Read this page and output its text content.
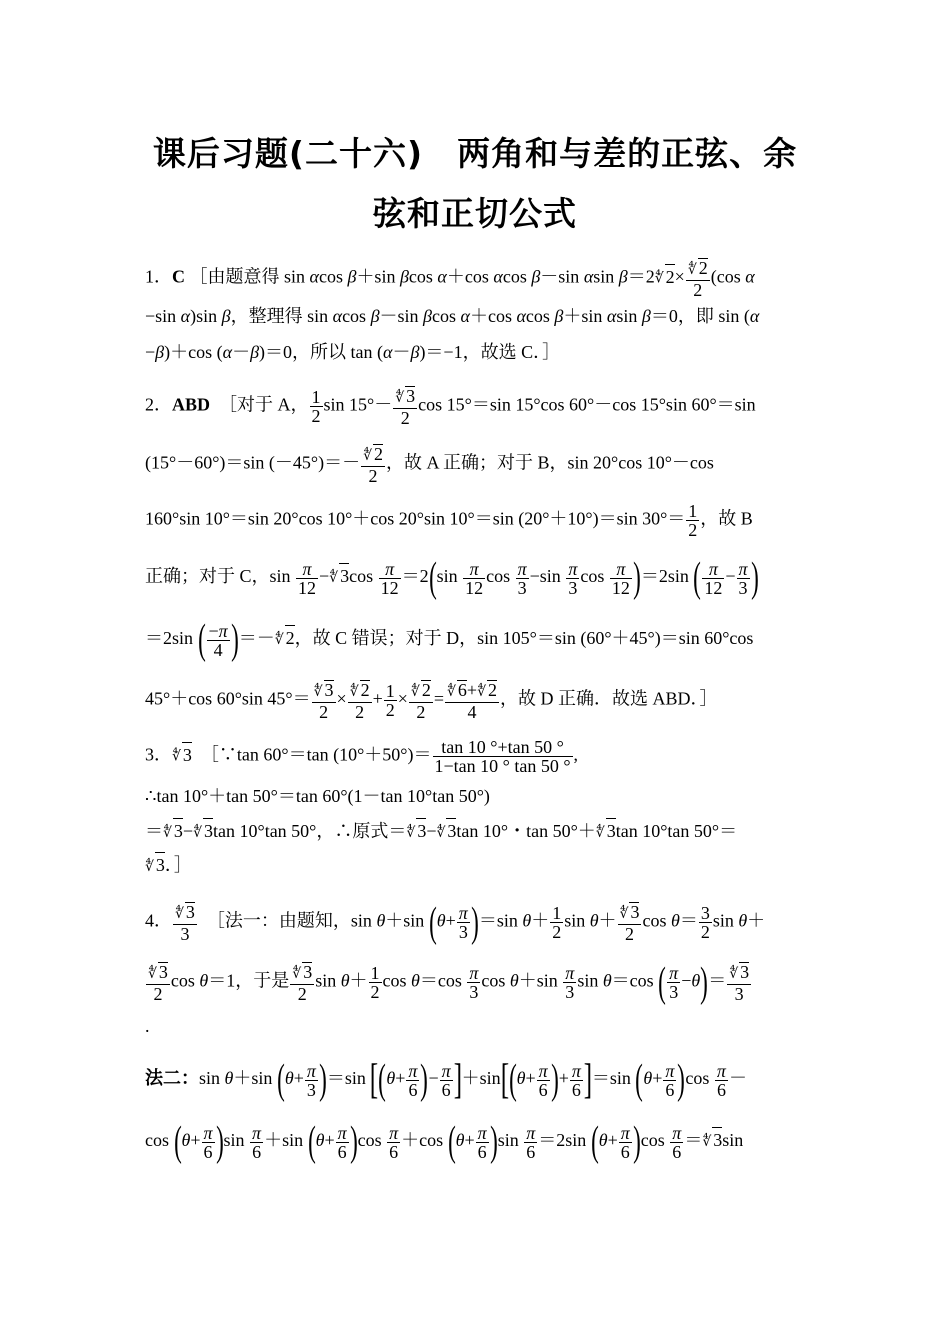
课后习题(二十六)　两角和与差的正弦、余
弦和正切公式
1．C ［由题意得 sin αcos β＋sin βcos α＋cos αcos β－sin αsin β＝2∜ $2\times \frac{∜ 2}{2} (\cos$ α
−sin α)sin β，整理得 sin αcos β－sin βcos α＋cos αcos β＋sin αsin β＝0，即 sin (α
−β)＋cos (α－β)＝0，所以 tan (α－β)＝−1，故选 C．］
2．ABD　 ［对于 A， $\frac{1}{2}$ $\sin 15^\circ- \frac{∜ 3}{2}$ cos 15°＝sin 15°cos 60°－cos 15°sin 60°＝sin
(15°－60°)＝sin $(-45^\circ)=- \frac{∜ 2}{2}$ ，故 A 正确；对于 B，sin 20°cos 10°－cos
160°sin 10°＝sin 20°cos 10°＋cos 20°sin 10°＝sin (20°＋10°)＝sin $30^\circ= \frac{1}{2}$ ，故 B
正确；对于 C，$\sin \frac{\pi}{12}$ −∜ $3\cos \frac{\pi}{12} =2(\sin \frac{\pi}{12}$ $\cos \frac{\pi}{3} -\sin \frac{\pi}{3}$ $\cos \frac{\pi}{12} )=2\sin$ ( $\frac{\pi}{12} - \frac{\pi}{3}$ )
＝2sin ( $\frac{-\pi}{4}$ )＝－∜ 2，故 C 错误；对于 D，sin 105°＝sin (60°＋45°)＝sin 60°cos
45°＋cos 60°sin $45^\circ= \frac{∜ 3}{2} \times \frac{∜ 2}{2} + \frac{1}{2} \times \frac{∜ 2}{2} = \frac{∜ 6+∜ 2}{4}$ ，故 D 正确．故选 ABD．］
3．∜ 3　 ［∵tan 60°＝tan $(10^\circ+50^\circ)= \frac{\tan 10 ^\circ+\tan 50 ^\circ}{1-\tan 10 ^\circ \tan 50 ^\circ}$ ,
∴tan 10°＋tan 50°＝tan 60°(1－tan 10°tan 50°)
＝∜ 3−∜ 3tan 10°tan 50°，∴原式＝∜ 3−∜ 3tan 10°・tan 50°＋∜ 3tan 10°tan 50°＝
∜ 3．］
4． $\frac{∜ 3}{3}$
　 ［法一：由题知，sin θ＋sin $(\theta+ \frac{\pi}{3} )=\sin$ $\theta+ \frac{1}{2}$ $\sin \theta+ \frac{∜ 3}{2}$ $\cos \theta= \frac{3}{2}$ sin θ＋
$\frac{∜ 3}{2}$ cos θ＝1，于是 $\frac{∜ 3}{2}$ $\sin \theta+ \frac{1}{2}$ $\cos \theta=\cos \frac{\pi}{3}$ $\cos \theta+\sin \frac{\pi}{3}$ sin θ＝cos ( $\frac{\pi}{3} -\theta)= \frac{∜ 3}{3}$
.
法二：sin θ＋sin $(\theta+ \frac{\pi}{3} )=\sin$ [($\theta+ \frac{\pi}{6}$ )− $\frac{\pi}{6} ]+\sin[(\theta+ \frac{\pi}{6}$ )+ $\frac{\pi}{6} ]=\sin$ $(\theta+ \frac{\pi}{6} )\cos \frac{\pi}{6}$ －
$\cos (\theta+ \frac{\pi}{6} )\sin \frac{\pi}{6} +\sin$ $(\theta+ \frac{\pi}{6} )\cos \frac{\pi}{6} +\cos$ $(\theta+ \frac{\pi}{6} )\sin \frac{\pi}{6} =2\sin$ $(\theta+ \frac{\pi}{6} )\cos \frac{\pi}{6}$ ＝∜ 3sin
